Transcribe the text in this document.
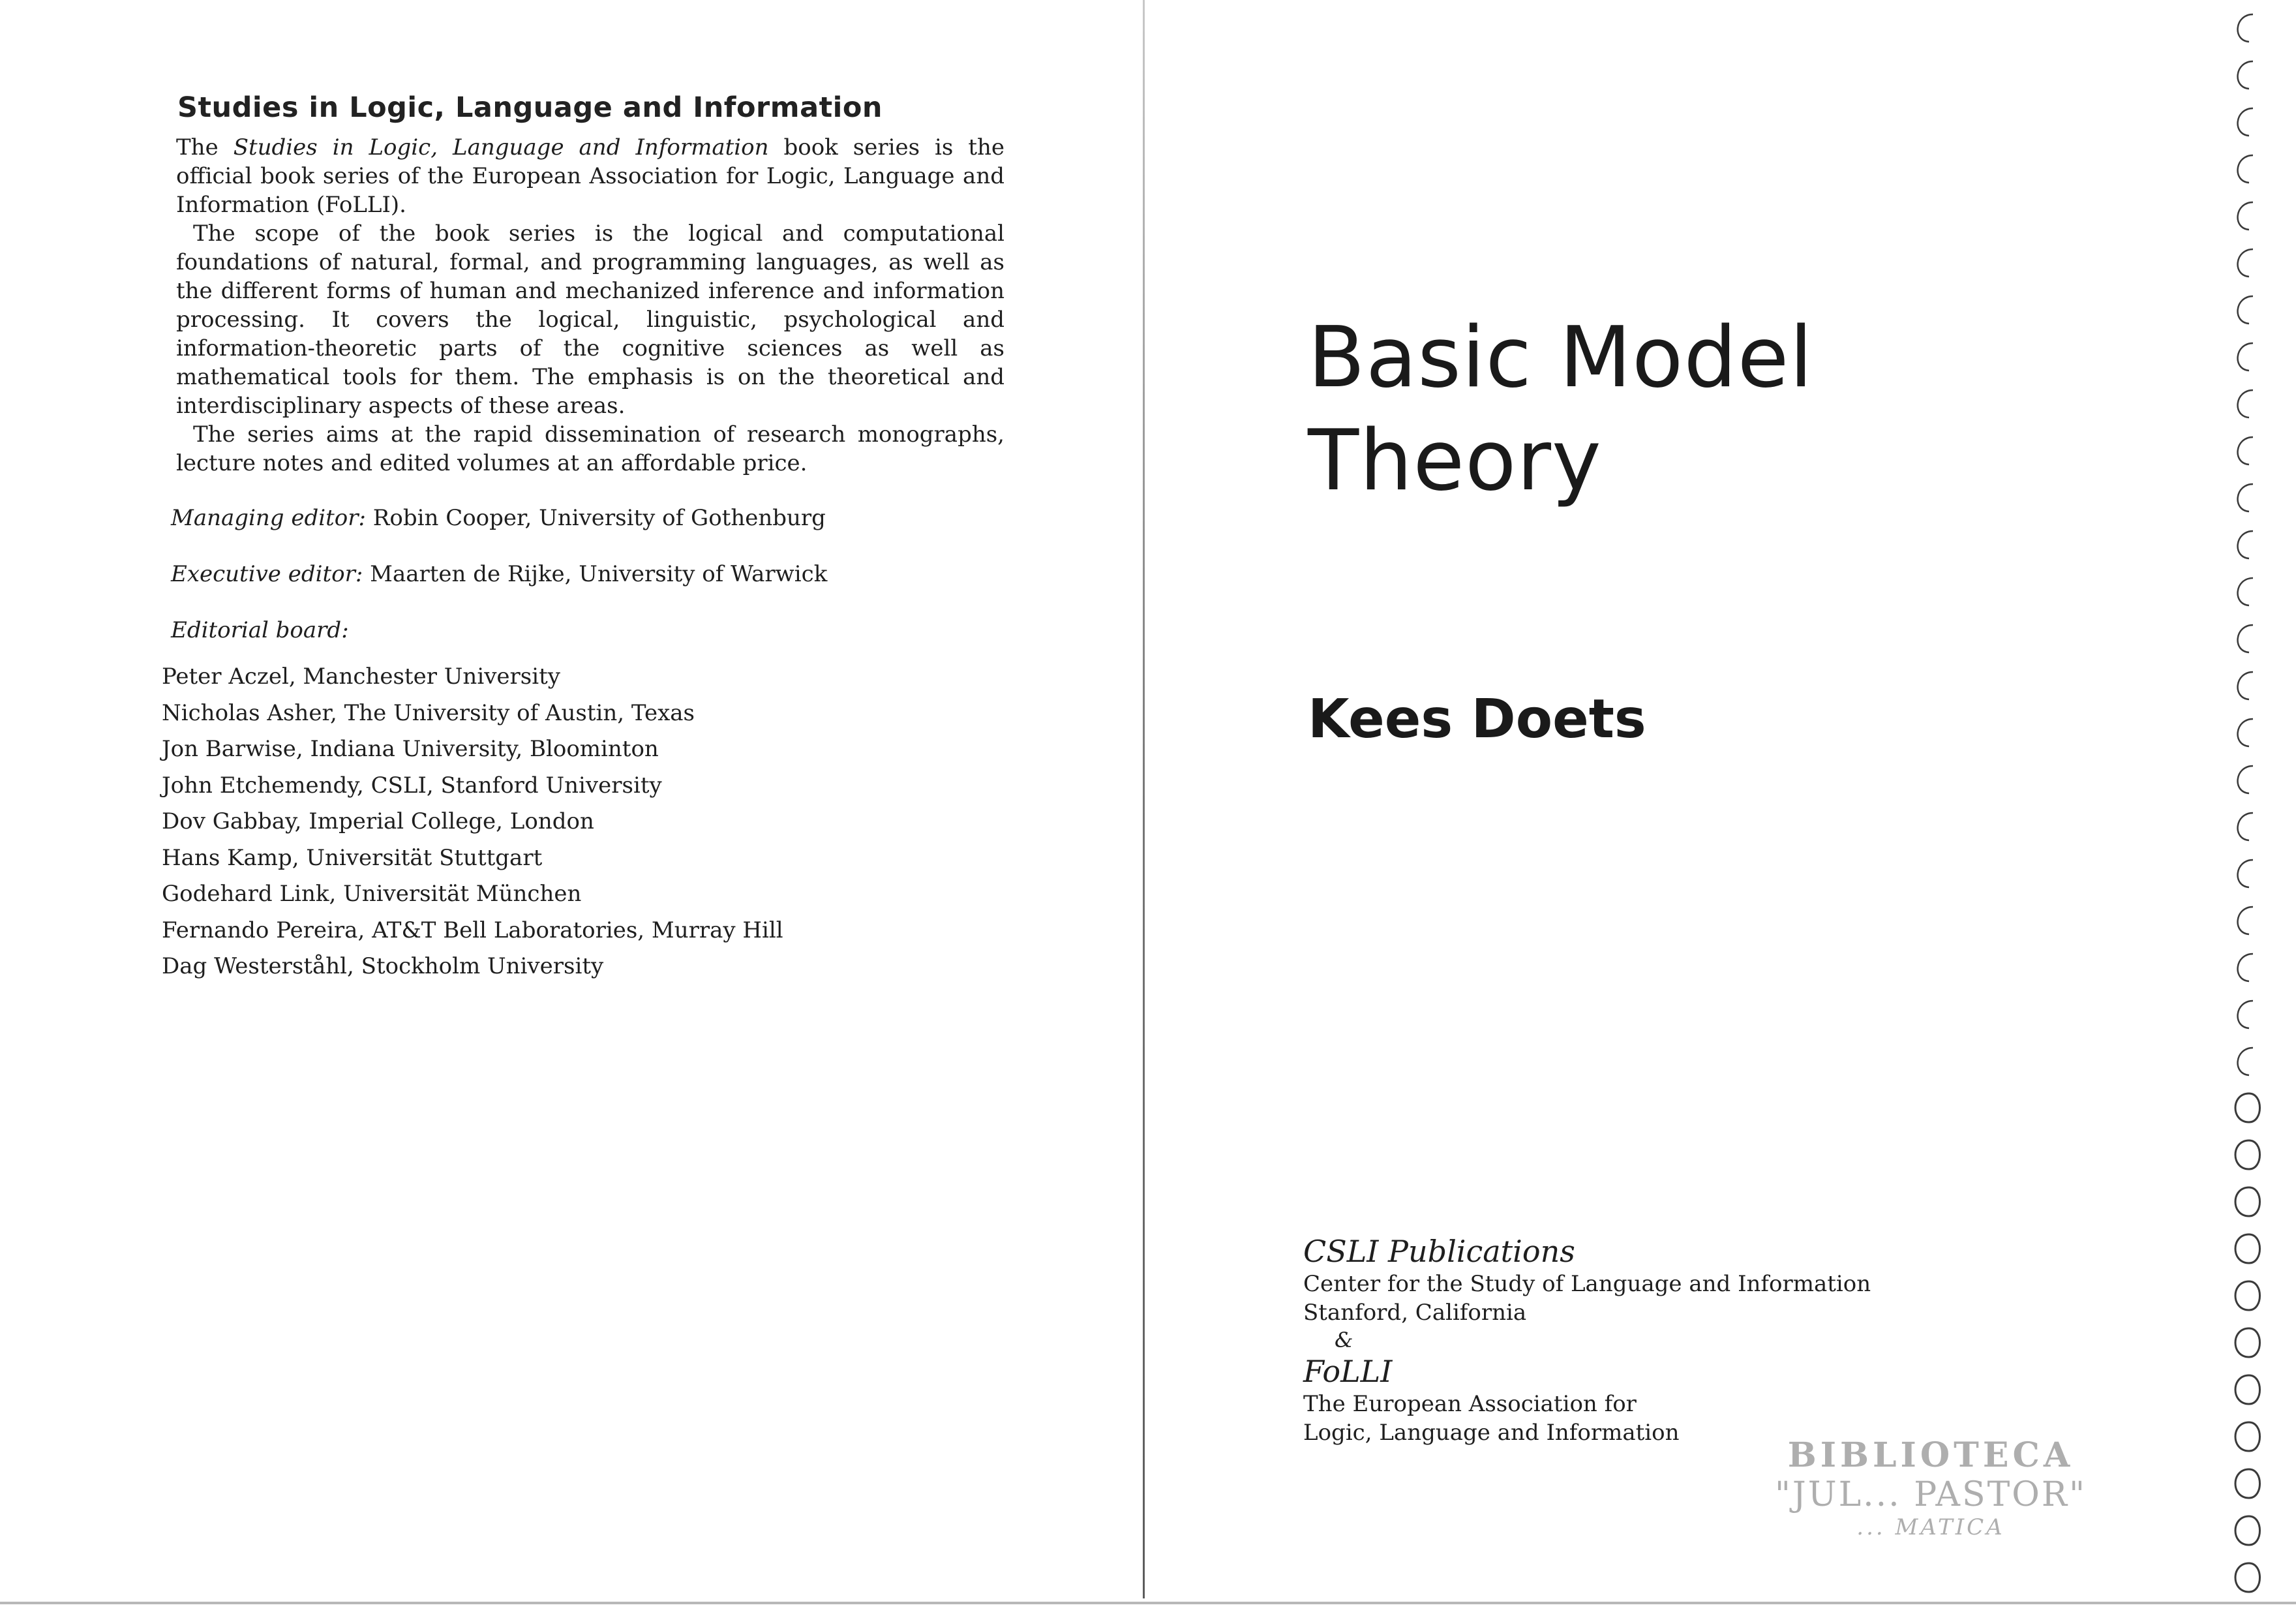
Studies in Logic, Language and Information

The Studies in Logic, Language and Information book series is the official book series of the European Association for Logic, Language and Information (FoLLI).

The scope of the book series is the logical and computational foundations of natural, formal, and programming languages, as well as the different forms of human and mechanized inference and information processing. It covers the logical, linguistic, psychological and information-theoretic parts of the cognitive sciences as well as mathematical tools for them. The emphasis is on the theoretical and interdisciplinary aspects of these areas.

The series aims at the rapid dissemination of research monographs, lecture notes and edited volumes at an affordable price.

Managing editor: Robin Cooper, University of Gothenburg
Executive editor: Maarten de Rijke, University of Warwick
Editorial board:
Peter Aczel, Manchester University
Nicholas Asher, The University of Austin, Texas
Jon Barwise, Indiana University, Bloominton
John Etchemendy, CSLI, Stanford University
Dov Gabbay, Imperial College, London
Hans Kamp, Universität Stuttgart
Godehard Link, Universität München
Fernando Pereira, AT&T Bell Laboratories, Murray Hill
Dag Westerståhl, Stockholm University
Basic Model
Theory
Kees Doets
CSLI Publications
Center for the Study of Language and Information
Stanford, California
&
FoLLI
The European Association for
Logic, Language and Information
BIBLIOTECA
"JUL... PASTOR"
... MATICA
